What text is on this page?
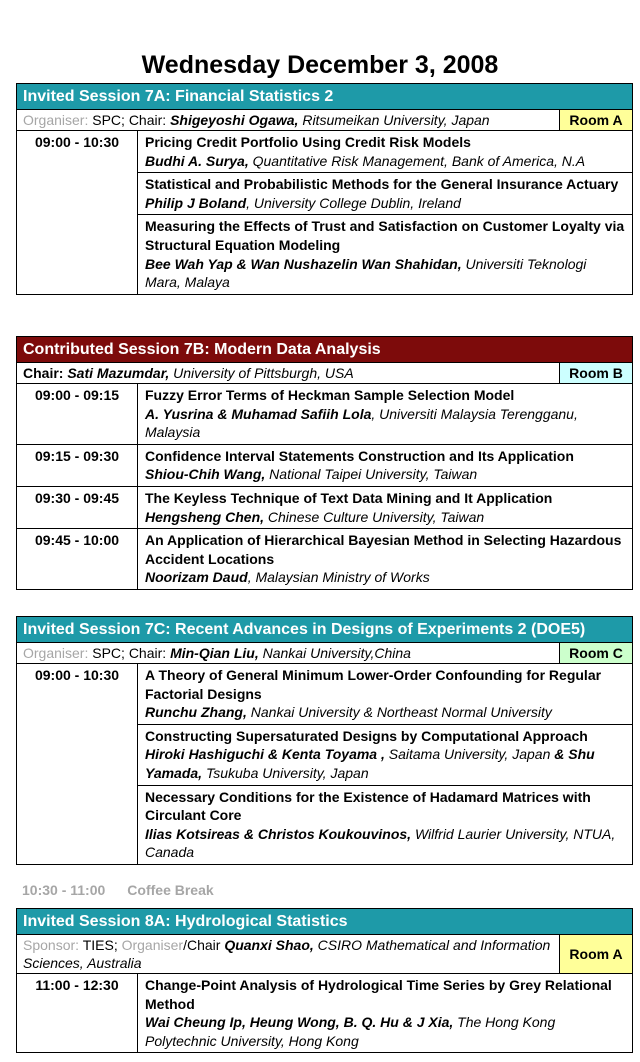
Wednesday December 3, 2008
Invited Session 7A: Financial Statistics 2
Organiser: SPC; Chair: Shigeyoshi Ogawa, Ritsumeikan University, Japan	Room A
09:00 - 10:30	Pricing Credit Portfolio Using Credit Risk Models
Budhi A. Surya, Quantitative Risk Management, Bank of America, N.A
Statistical and Probabilistic Methods for the General Insurance Actuary
Philip J Boland, University College Dublin, Ireland
Measuring the Effects of Trust and Satisfaction on Customer Loyalty via Structural Equation Modeling
Bee Wah Yap & Wan Nushazelin Wan Shahidan, Universiti Teknologi Mara, Malaya
Contributed Session 7B: Modern Data Analysis
Chair: Sati Mazumdar, University of Pittsburgh, USA	Room B
09:00 - 09:15	Fuzzy Error Terms of Heckman Sample Selection Model
A. Yusrina & Muhamad Safiih Lola, Universiti Malaysia Terengganu, Malaysia
09:15 - 09:30	Confidence Interval Statements Construction and Its Application
Shiou-Chih Wang, National Taipei University, Taiwan
09:30 - 09:45	The Keyless Technique of Text Data Mining and It Application
Hengsheng Chen, Chinese Culture University, Taiwan
09:45 - 10:00	An Application of Hierarchical Bayesian Method in Selecting Hazardous Accident Locations
Noorizam Daud, Malaysian Ministry of Works
Invited Session 7C: Recent Advances in Designs of Experiments 2 (DOE5)
Organiser: SPC; Chair: Min-Qian Liu, Nankai University,China	Room C
09:00 - 10:30	A Theory of General Minimum Lower-Order Confounding for Regular Factorial Designs
Runchu Zhang, Nankai University & Northeast Normal University
Constructing Supersaturated Designs by Computational Approach
Hiroki Hashiguchi & Kenta Toyama , Saitama University, Japan & Shu Yamada, Tsukuba University, Japan
Necessary Conditions for the Existence of Hadamard Matrices with Circulant Core
Ilias Kotsireas & Christos Koukouvinos, Wilfrid Laurier University, NTUA, Canada
10:30 - 11:00 Coffee Break
Invited Session 8A: Hydrological Statistics
Sponsor: TIES; Organiser/Chair Quanxi Shao, CSIRO Mathematical and Information Sciences, Australia
Room A
11:00 - 12:30	Change-Point Analysis of Hydrological Time Series by Grey Relational Method
Wai Cheung Ip, Heung Wong, B. Q. Hu & J Xia, The Hong Kong Polytechnic University, Hong Kong
